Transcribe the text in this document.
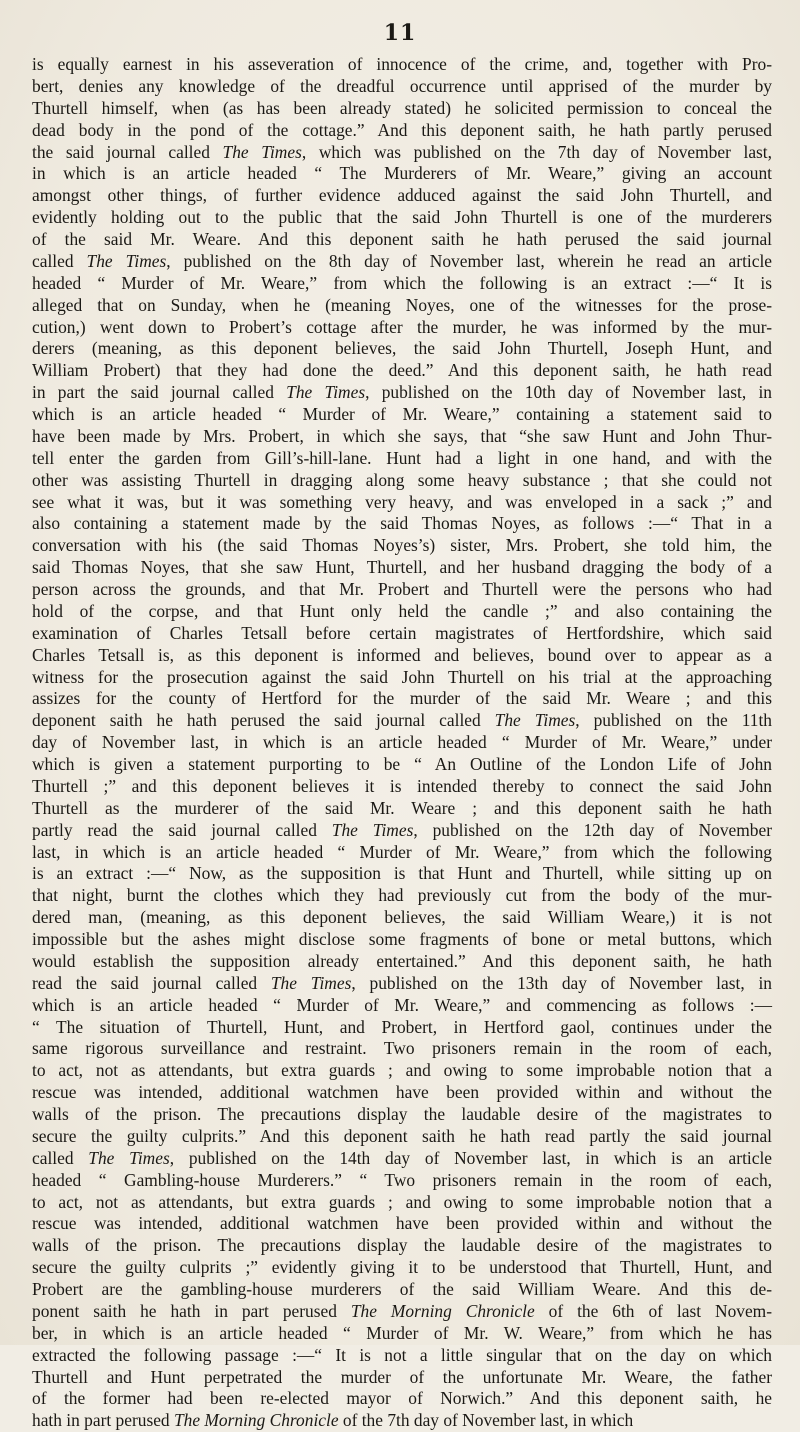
11
is equally earnest in his asseveration of innocence of the crime, and, together with Pro-
bert, denies any knowledge of the dreadful occurrence until apprised of the murder by
Thurtell himself, when (as has been already stated) he solicited permission to conceal the
dead body in the pond of the cottage.” And this deponent saith, he hath partly perused
the said journal called The Times, which was published on the 7th day of November last,
in which is an article headed “ The Murderers of Mr. Weare,” giving an account
amongst other things, of further evidence adduced against the said John Thurtell, and
evidently holding out to the public that the said John Thurtell is one of the murderers
of the said Mr. Weare. And this deponent saith he hath perused the said journal
called The Times, published on the 8th day of November last, wherein he read an article
headed “ Murder of Mr. Weare,” from which the following is an extract :—“ It is
alleged that on Sunday, when he (meaning Noyes, one of the witnesses for the prose-
cution,) went down to Probert’s cottage after the murder, he was informed by the mur-
derers (meaning, as this deponent believes, the said John Thurtell, Joseph Hunt, and
William Probert) that they had done the deed.” And this deponent saith, he hath read
in part the said journal called The Times, published on the 10th day of November last, in
which is an article headed “ Murder of Mr. Weare,” containing a statement said to
have been made by Mrs. Probert, in which she says, that “she saw Hunt and John Thur-
tell enter the garden from Gill’s-hill-lane. Hunt had a light in one hand, and with the
other was assisting Thurtell in dragging along some heavy substance ; that she could not
see what it was, but it was something very heavy, and was enveloped in a sack ;” and
also containing a statement made by the said Thomas Noyes, as follows :—“ That in a
conversation with his (the said Thomas Noyes’s) sister, Mrs. Probert, she told him, the
said Thomas Noyes, that she saw Hunt, Thurtell, and her husband dragging the body of a
person across the grounds, and that Mr. Probert and Thurtell were the persons who had
hold of the corpse, and that Hunt only held the candle ;” and also containing the
examination of Charles Tetsall before certain magistrates of Hertfordshire, which said
Charles Tetsall is, as this deponent is informed and believes, bound over to appear as a
witness for the prosecution against the said John Thurtell on his trial at the approaching
assizes for the county of Hertford for the murder of the said Mr. Weare ; and this
deponent saith he hath perused the said journal called The Times, published on the 11th
day of November last, in which is an article headed “ Murder of Mr. Weare,” under
which is given a statement purporting to be “ An Outline of the London Life of John
Thurtell ;” and this deponent believes it is intended thereby to connect the said John
Thurtell as the murderer of the said Mr. Weare ; and this deponent saith he hath
partly read the said journal called The Times, published on the 12th day of November
last, in which is an article headed “ Murder of Mr. Weare,” from which the following
is an extract :—“ Now, as the supposition is that Hunt and Thurtell, while sitting up on
that night, burnt the clothes which they had previously cut from the body of the mur-
dered man, (meaning, as this deponent believes, the said William Weare,) it is not
impossible but the ashes might disclose some fragments of bone or metal buttons, which
would establish the supposition already entertained.” And this deponent saith, he hath
read the said journal called The Times, published on the 13th day of November last, in
which is an article headed “ Murder of Mr. Weare,” and commencing as follows :—
“ The situation of Thurtell, Hunt, and Probert, in Hertford gaol, continues under the
same rigorous surveillance and restraint. Two prisoners remain in the room of each,
to act, not as attendants, but extra guards ; and owing to some improbable notion that a
rescue was intended, additional watchmen have been provided within and without the
walls of the prison. The precautions display the laudable desire of the magistrates to
secure the guilty culprits.” And this deponent saith he hath read partly the said journal
called The Times, published on the 14th day of November last, in which is an article
headed “ Gambling-house Murderers.” “ Two prisoners remain in the room of each,
to act, not as attendants, but extra guards ; and owing to some improbable notion that a
rescue was intended, additional watchmen have been provided within and without the
walls of the prison. The precautions display the laudable desire of the magistrates to
secure the guilty culprits ;” evidently giving it to be understood that Thurtell, Hunt, and
Probert are the gambling-house murderers of the said William Weare. And this de-
ponent saith he hath in part perused The Morning Chronicle of the 6th of last Novem-
ber, in which is an article headed “ Murder of Mr. W. Weare,” from which he has
extracted the following passage :—“ It is not a little singular that on the day on which
Thurtell and Hunt perpetrated the murder of the unfortunate Mr. Weare, the father
of the former had been re-elected mayor of Norwich.” And this deponent saith, he
hath in part perused The Morning Chronicle of the 7th day of November last, in which
